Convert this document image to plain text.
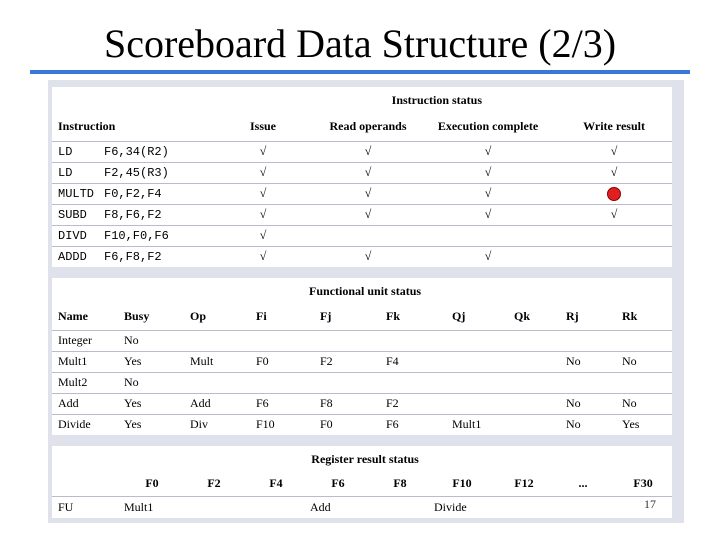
Scoreboard Data Structure (2/3)
Instruction status				
Instruction	Issue	Read operands	Execution complete	Write result
LD F6,34(R2)	√	√	√	√
LD F2,45(R3)	√	√	√	√
MULTD F0,F2,F4	√	√	√	
SUBD F8,F6,F2	√	√	√	√
DIVD F10,F0,F6	√			
ADDD F6,F8,F2	√	√	√	
Functional unit status									
Name	Busy	Op	Fi	Fj	Fk	Qj	Qk	Rj	Rk
Integer	No								
Mult1	Yes	Mult	F0	F2	F4			No	No
Mult2	No								
Add	Yes	Add	F6	F8	F2			No	No
Divide	Yes	Div	F10	F0	F6	Mult1		No	Yes
Register result status									
	F0	F2	F4	F6	F8	F10	F12	...	F30
FU	Mult1			Add		Divide				17
